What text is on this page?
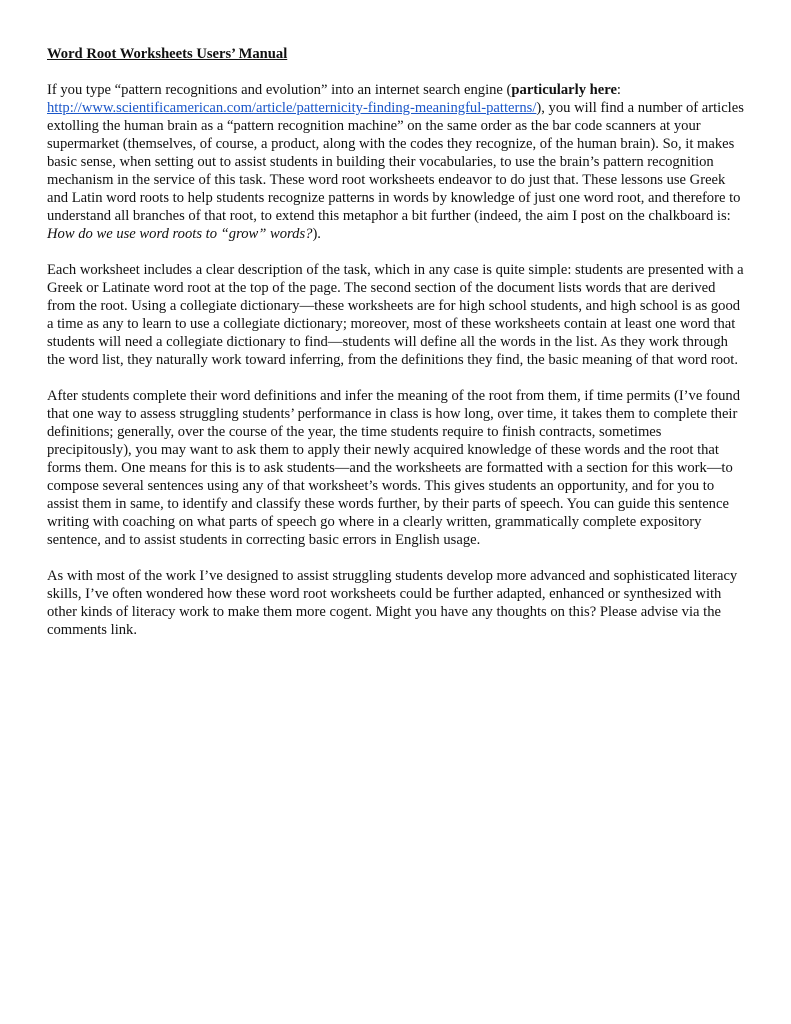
Word Root Worksheets Users’ Manual

If you type “pattern recognitions and evolution” into an internet search engine (particularly here: http://www.scientificamerican.com/article/patternicity-finding-meaningful-patterns/), you will find a number of articles extolling the human brain as a “pattern recognition machine” on the same order as the bar code scanners at your supermarket (themselves, of course, a product, along with the codes they recognize, of the human brain). So, it makes basic sense, when setting out to assist students in building their vocabularies, to use the brain’s pattern recognition mechanism in the service of this task. These word root worksheets endeavor to do just that. These lessons use Greek and Latin word roots to help students recognize patterns in words by knowledge of just one word root, and therefore to understand all branches of that root, to extend this metaphor a bit further (indeed, the aim I post on the chalkboard is: How do we use word roots to “grow” words?).

Each worksheet includes a clear description of the task, which in any case is quite simple: students are presented with a Greek or Latinate word root at the top of the page. The second section of the document lists words that are derived from the root. Using a collegiate dictionary—these worksheets are for high school students, and high school is as good a time as any to learn to use a collegiate dictionary; moreover, most of these worksheets contain at least one word that students will need a collegiate dictionary to find—students will define all the words in the list. As they work through the word list, they naturally work toward inferring, from the definitions they find, the basic meaning of that word root.

After students complete their word definitions and infer the meaning of the root from them, if time permits (I’ve found that one way to assess struggling students’ performance in class is how long, over time, it takes them to complete their definitions; generally, over the course of the year, the time students require to finish contracts, sometimes precipitously), you may want to ask them to apply their newly acquired knowledge of these words and the root that forms them. One means for this is to ask students—and the worksheets are formatted with a section for this work—to compose several sentences using any of that worksheet’s words. This gives students an opportunity, and for you to assist them in same, to identify and classify these words further, by their parts of speech. You can guide this sentence writing with coaching on what parts of speech go where in a clearly written, grammatically complete expository sentence, and to assist students in correcting basic errors in English usage.

As with most of the work I’ve designed to assist struggling students develop more advanced and sophisticated literacy skills, I’ve often wondered how these word root worksheets could be further adapted, enhanced or synthesized with other kinds of literacy work to make them more cogent. Might you have any thoughts on this? Please advise via the comments link.
